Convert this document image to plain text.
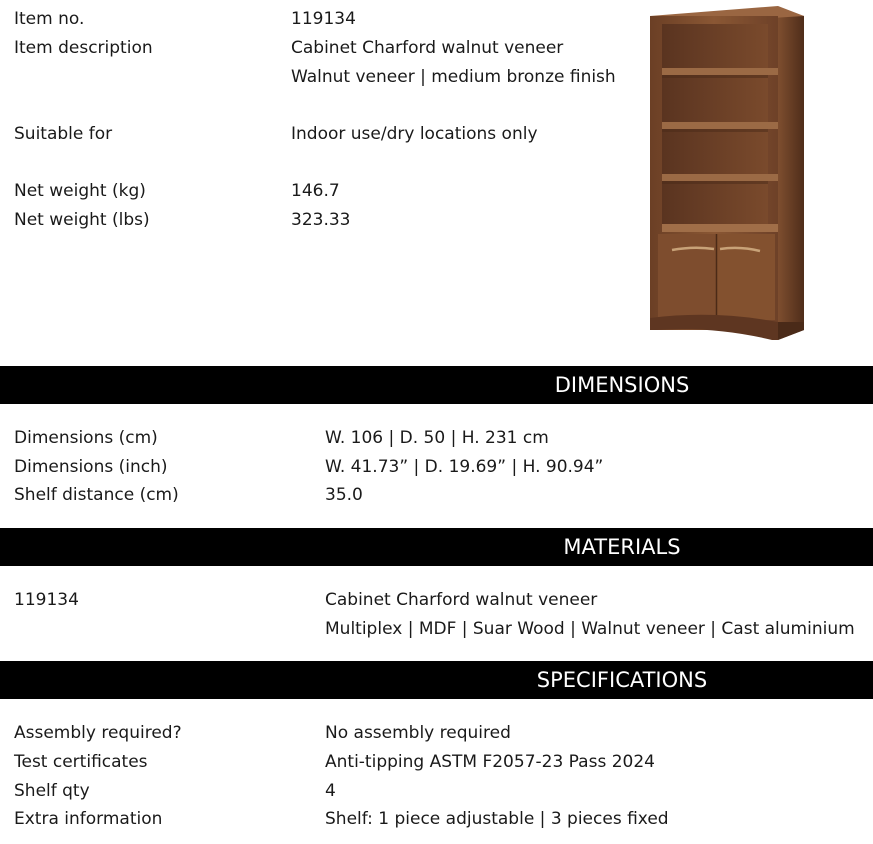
Item no.	119134
Item description	Cabinet Charford walnut veneer
Walnut veneer | medium bronze finish
Suitable for	Indoor use/dry locations only
Net weight (kg)	146.7
Net weight (lbs)	323.33
DIMENSIONS
Dimensions (cm)	W. 106 | D. 50 | H. 231 cm
Dimensions (inch)	W. 41.73” | D. 19.69” | H. 90.94”
Shelf distance (cm)	35.0
MATERIALS
119134	Cabinet Charford walnut veneer
Multiplex | MDF | Suar Wood | Walnut veneer | Cast aluminium
SPECIFICATIONS
Assembly required?	No assembly required
Test certificates	Anti-tipping ASTM F2057-23 Pass 2024
Shelf qty	4
Extra information	Shelf: 1 piece adjustable | 3 pieces fixed
